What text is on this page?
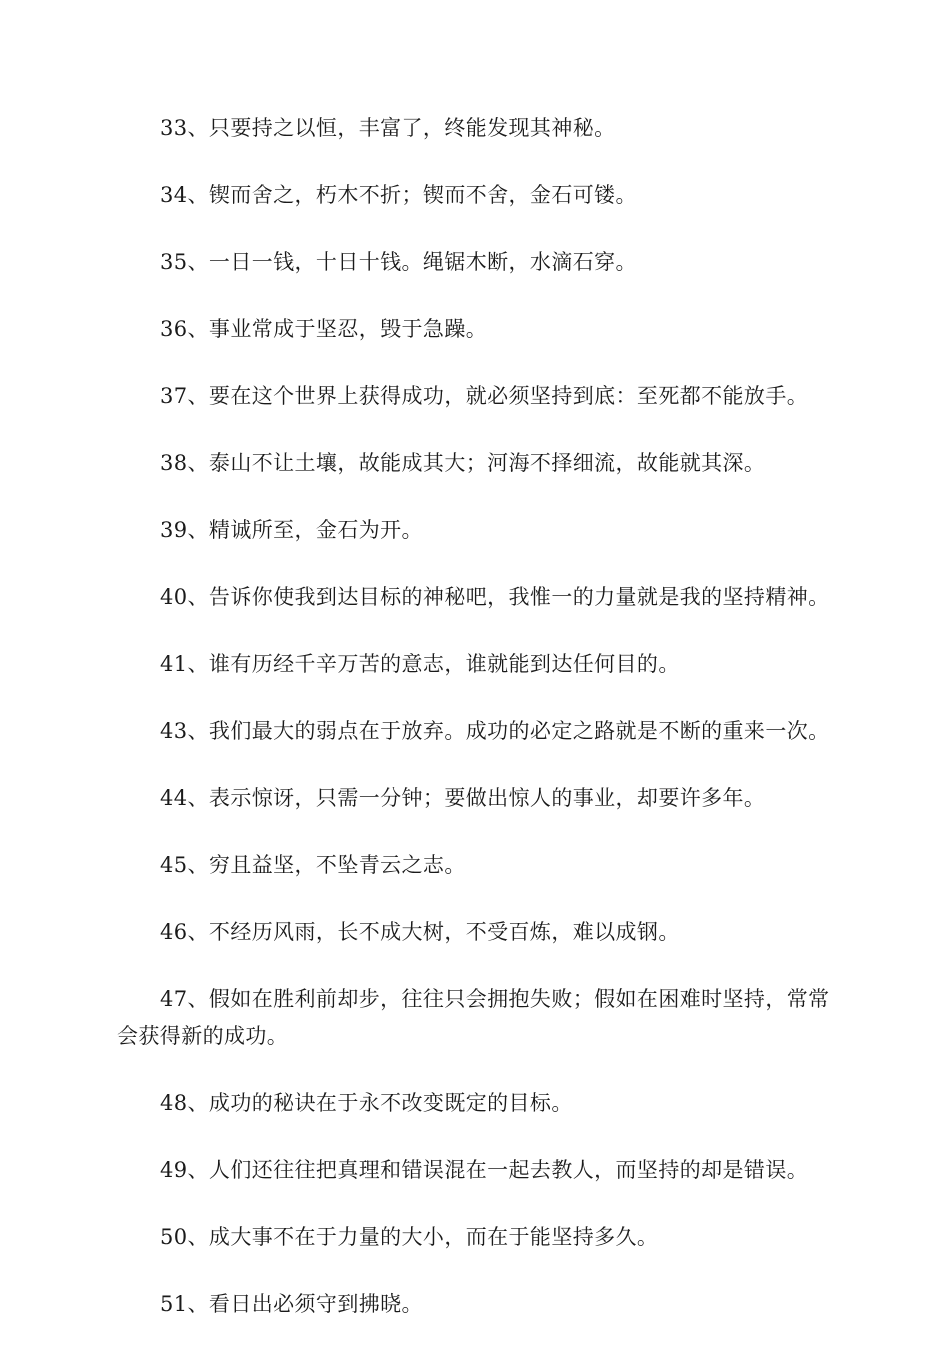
33、只要持之以恒，丰富了，终能发现其神秘。

34、锲而舍之，朽木不折；锲而不舍，金石可镂。

35、一日一钱，十日十钱。绳锯木断，水滴石穿。

36、事业常成于坚忍，毁于急躁。

37、要在这个世界上获得成功，就必须坚持到底：至死都不能放手。

38、泰山不让土壤，故能成其大；河海不择细流，故能就其深。

39、精诚所至，金石为开。

40、告诉你使我到达目标的神秘吧，我惟一的力量就是我的坚持精神。

41、谁有历经千辛万苦的意志，谁就能到达任何目的。

43、我们最大的弱点在于放弃。成功的必定之路就是不断的重来一次。

44、表示惊讶，只需一分钟；要做出惊人的事业，却要许多年。

45、穷且益坚，不坠青云之志。

46、不经历风雨，长不成大树，不受百炼，难以成钢。

47、假如在胜利前却步，往往只会拥抱失败；假如在困难时坚持，常常会获得新的成功。

48、成功的秘诀在于永不改变既定的目标。

49、人们还往往把真理和错误混在一起去教人，而坚持的却是错误。

50、成大事不在于力量的大小，而在于能坚持多久。

51、看日出必须守到拂晓。
